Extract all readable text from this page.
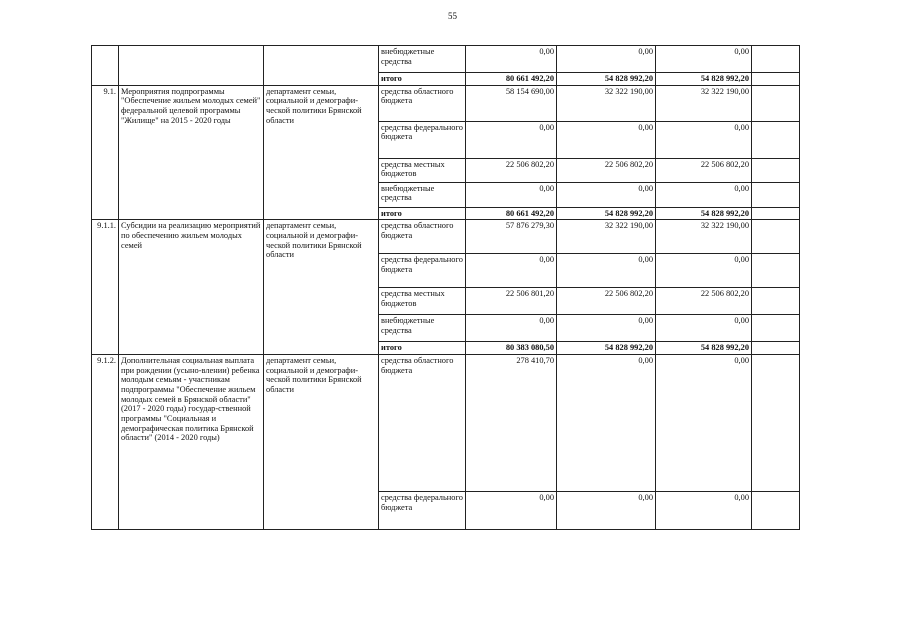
55
			внебюджетные средства	0,00	0,00	0,00	
			итого	80 661 492,20	54 828 992,20	54 828 992,20	
9.1.	Мероприятия подпрограммы "Обеспечение жильем молодых семей" федеральной целевой программы "Жилище" на 2015 - 2020 годы	департамент семьи, социальной и демографи-ческой политики Брянской области	средства областного бюджета	58 154 690,00	32 322 190,00	32 322 190,00	
			средства федерального бюджета	0,00	0,00	0,00	
			средства местных бюджетов	22 506 802,20	22 506 802,20	22 506 802,20	
			внебюджетные средства	0,00	0,00	0,00	
			итого	80 661 492,20	54 828 992,20	54 828 992,20	
9.1.1.	Субсидии на реализацию мероприятий по обеспечению жильем молодых семей	департамент семьи, социальной и демографи-ческой политики Брянской области	средства областного бюджета	57 876 279,30	32 322 190,00	32 322 190,00	
			средства федерального бюджета	0,00	0,00	0,00	
			средства местных бюджетов	22 506 801,20	22 506 802,20	22 506 802,20	
			внебюджетные средства	0,00	0,00	0,00	
			итого	80 383 080,50	54 828 992,20	54 828 992,20	
9.1.2.	Дополнительная социальная выплата при рождении (усыно-влении) ребенка молодым семьям - участникам подпрограммы "Обеспечение жильем молодых семей в Брянской области" (2017 - 2020 годы) государ-ственной программы "Социальная и демографическая политика Брянской области" (2014 - 2020 годы)	департамент семьи, социальной и демографи-ческой политики Брянской области	средства областного бюджета	278 410,70	0,00	0,00	
			средства федерального бюджета	0,00	0,00	0,00	
